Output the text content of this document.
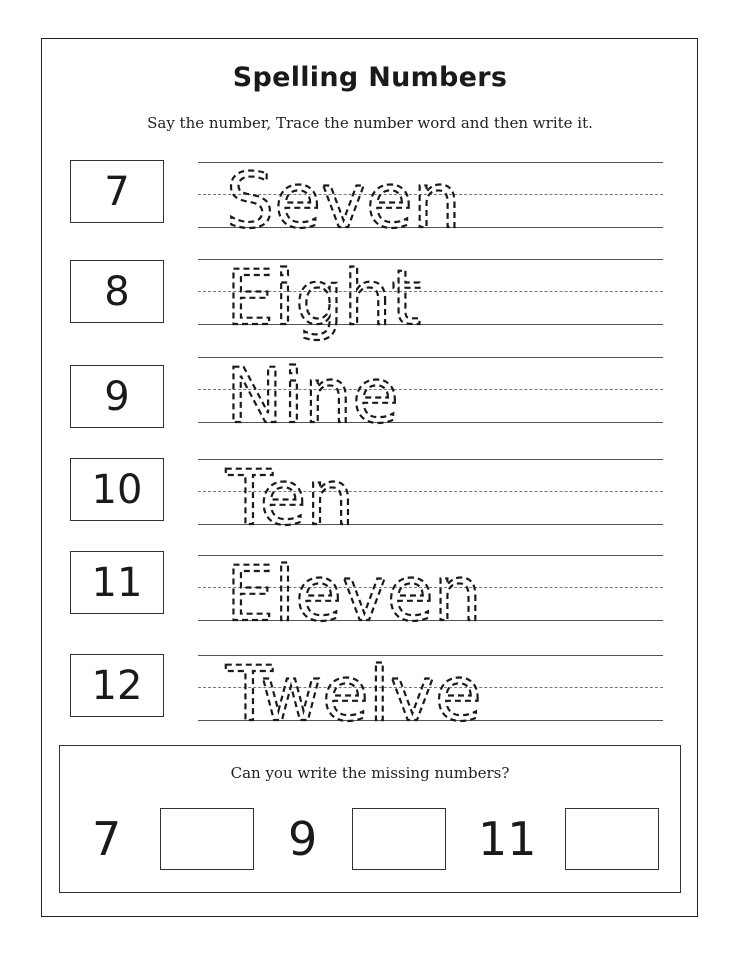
Spelling Numbers
Say the number, Trace the number word and then write it.
7	Seven
8	Eight
9	Nine
10 Ten
11 Eleven
12 Twelve
Can you write the missing numbers?
7	9	11
